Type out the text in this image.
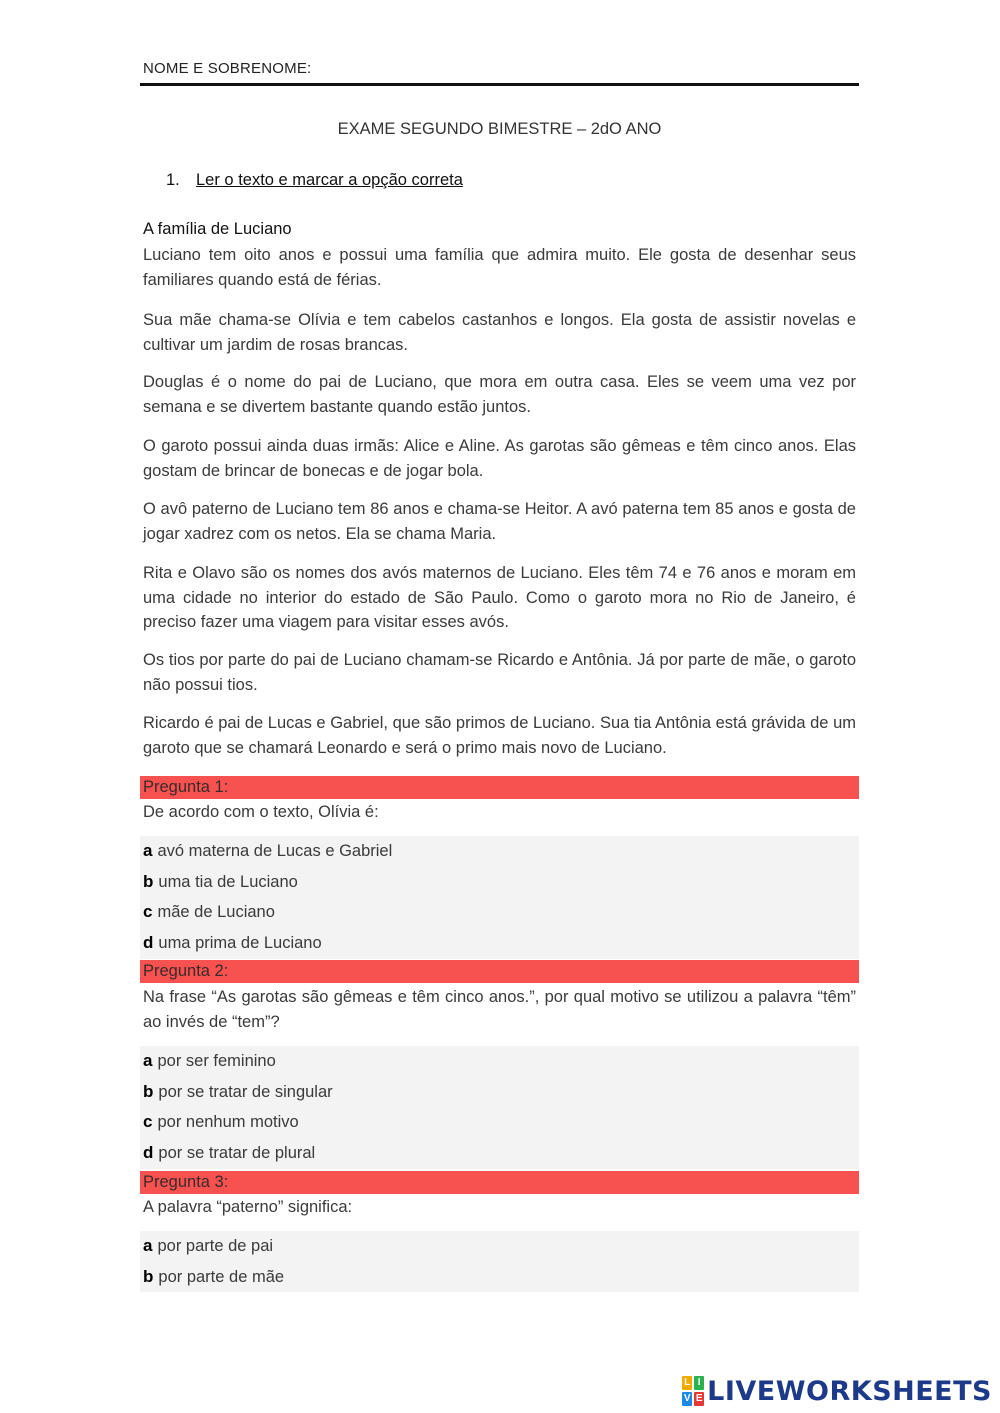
NOME E SOBRENOME:
EXAME SEGUNDO BIMESTRE – 2dO ANO
1. Ler o texto e marcar a opção correta
A família de Luciano

Luciano tem oito anos e possui uma família que admira muito. Ele gosta de desenhar seus familiares quando está de férias.

Sua mãe chama-se Olívia e tem cabelos castanhos e longos. Ela gosta de assistir novelas e cultivar um jardim de rosas brancas.

Douglas é o nome do pai de Luciano, que mora em outra casa. Eles se veem uma vez por semana e se divertem bastante quando estão juntos.

O garoto possui ainda duas irmãs: Alice e Aline. As garotas são gêmeas e têm cinco anos. Elas gostam de brincar de bonecas e de jogar bola.

O avô paterno de Luciano tem 86 anos e chama-se Heitor. A avó paterna tem 85 anos e gosta de jogar xadrez com os netos. Ela se chama Maria.

Rita e Olavo são os nomes dos avós maternos de Luciano. Eles têm 74 e 76 anos e moram em uma cidade no interior do estado de São Paulo. Como o garoto mora no Rio de Janeiro, é preciso fazer uma viagem para visitar esses avós.

Os tios por parte do pai de Luciano chamam-se Ricardo e Antônia. Já por parte de mãe, o garoto não possui tios.

Ricardo é pai de Lucas e Gabriel, que são primos de Luciano. Sua tia Antônia está grávida de um garoto que se chamará Leonardo e será o primo mais novo de Luciano.

Pregunta 1:

De acordo com o texto, Olívia é:

a avó materna de Lucas e Gabriel
b uma tia de Luciano
c mãe de Luciano
d uma prima de Luciano
Pregunta 2:

Na frase “As garotas são gêmeas e têm cinco anos.”, por qual motivo se utilizou a palavra “têm” ao invés de “tem”?

a por ser feminino
b por se tratar de singular
c por nenhum motivo
d por se tratar de plural
Pregunta 3:

A palavra “paterno” significa:

a por parte de pai
b por parte de mãe
L I
V E LIVEWORKSHEETS
